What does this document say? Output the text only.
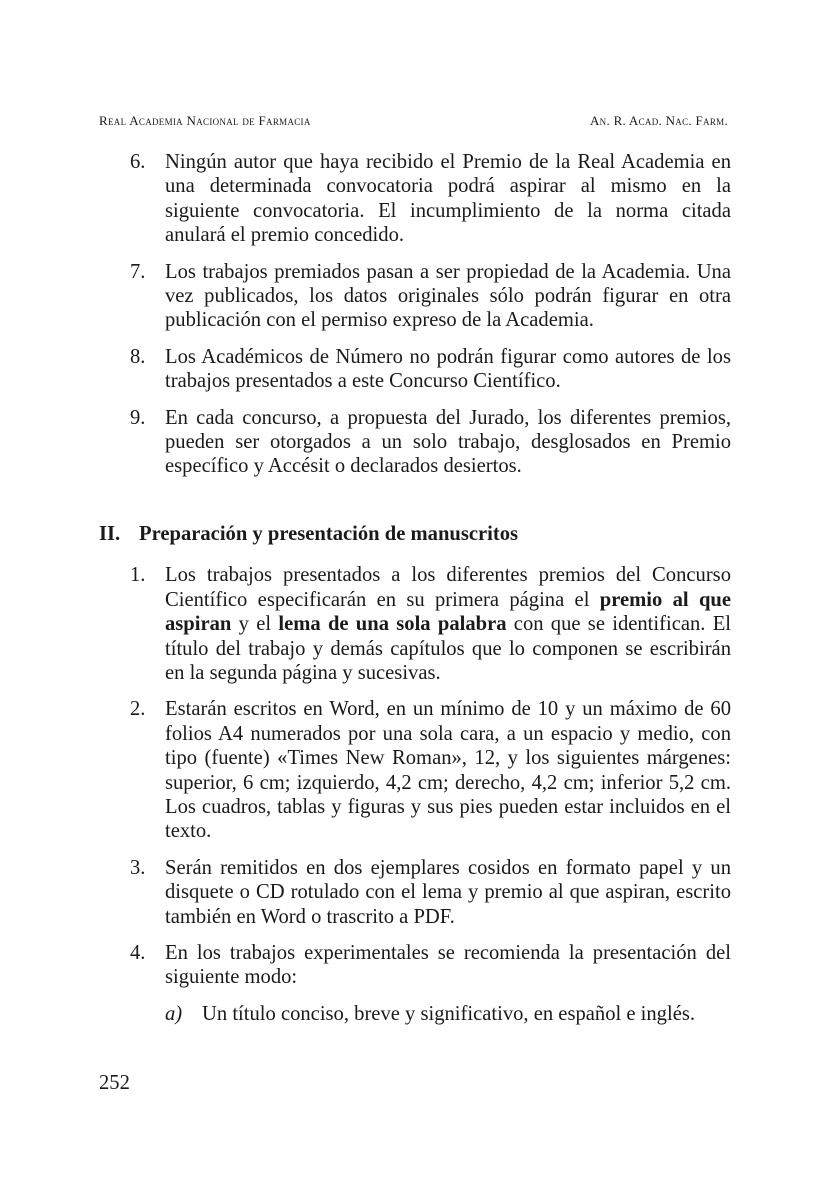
Real Academia Nacional de Farmacia	An. R. Acad. Nac. Farm.
6. Ningún autor que haya recibido el Premio de la Real Academia en una determinada convocatoria podrá aspirar al mismo en la siguiente convocatoria. El incumplimiento de la norma citada anulará el premio concedido.
7. Los trabajos premiados pasan a ser propiedad de la Academia. Una vez publicados, los datos originales sólo podrán figurar en otra publicación con el permiso expreso de la Academia.
8. Los Académicos de Número no podrán figurar como autores de los trabajos presentados a este Concurso Científico.
9. En cada concurso, a propuesta del Jurado, los diferentes premios, pueden ser otorgados a un solo trabajo, desglosados en Premio específico y Accésit o declarados desiertos.
II. Preparación y presentación de manuscritos
1. Los trabajos presentados a los diferentes premios del Concurso Científico especificarán en su primera página el premio al que aspiran y el lema de una sola palabra con que se identifican. El título del trabajo y demás capítulos que lo componen se escribirán en la segunda página y sucesivas.
2. Estarán escritos en Word, en un mínimo de 10 y un máximo de 60 folios A4 numerados por una sola cara, a un espacio y medio, con tipo (fuente) «Times New Roman», 12, y los siguientes márgenes: superior, 6 cm; izquierdo, 4,2 cm; derecho, 4,2 cm; inferior 5,2 cm. Los cuadros, tablas y figuras y sus pies pueden estar incluidos en el texto.
3. Serán remitidos en dos ejemplares cosidos en formato papel y un disquete o CD rotulado con el lema y premio al que aspiran, escrito también en Word o trascrito a PDF.
4. En los trabajos experimentales se recomienda la presentación del siguiente modo:
a) Un título conciso, breve y significativo, en español e inglés.
252
